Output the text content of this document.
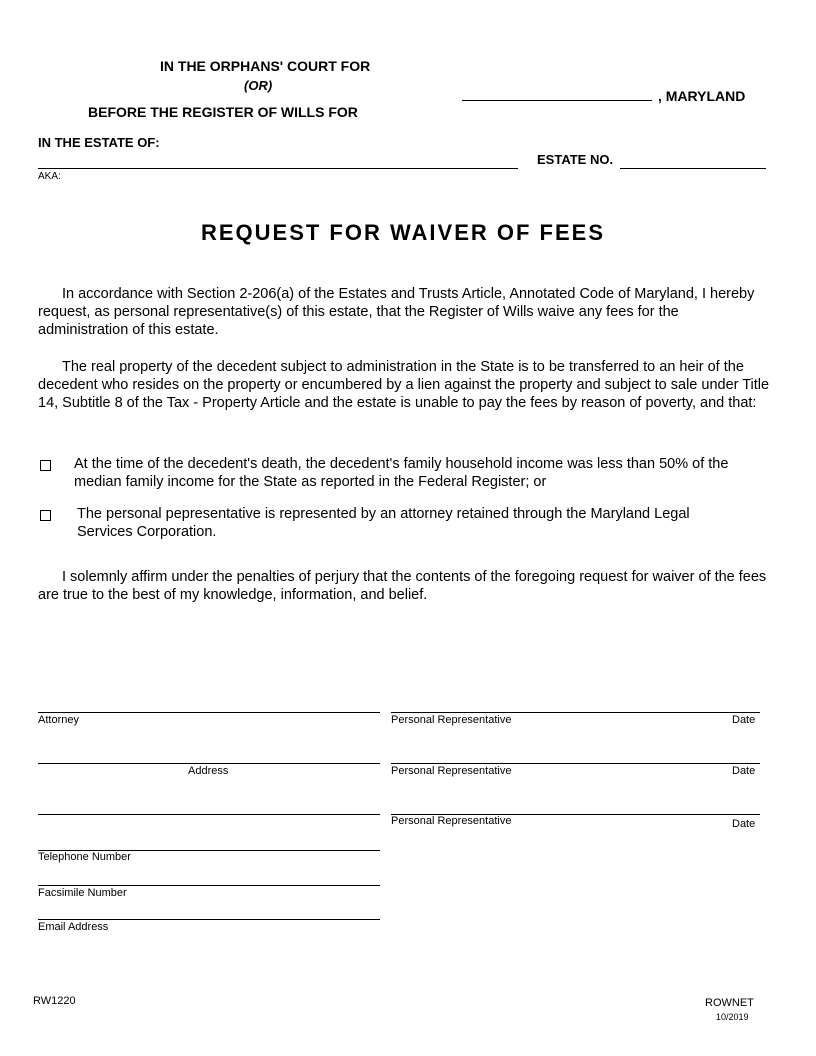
IN THE ORPHANS' COURT FOR
(OR)
BEFORE THE REGISTER OF WILLS FOR
, MARYLAND
IN THE ESTATE OF:
ESTATE NO.
AKA:
REQUEST FOR WAIVER OF FEES
In accordance with Section 2-206(a) of the Estates and Trusts Article, Annotated Code of Maryland, I hereby request, as personal representative(s) of this estate, that the Register of Wills waive any fees for the administration of this estate.
The real property of the decedent subject to administration in the State is to be transferred to an heir of the decedent who resides on the property or encumbered by a lien against the property and subject to sale under Title 14, Subtitle 8 of the Tax - Property Article and the estate is unable to pay the fees by reason of poverty, and that:
At the time of the decedent's death, the decedent's family household income was less than 50% of the median family income for the State as reported in the Federal Register; or
The personal pepresentative is represented by an attorney retained through the Maryland Legal Services Corporation.
I solemnly affirm under the penalties of perjury that the contents of the foregoing request for waiver of the fees are true to the best of my knowledge, information, and belief.
Attorney
Address
Telephone Number
Facsimile Number
Email Address
Personal Representative	Date
Personal Representative	Date
Personal Representative	Date
RW1220	ROWNET
10/2019
